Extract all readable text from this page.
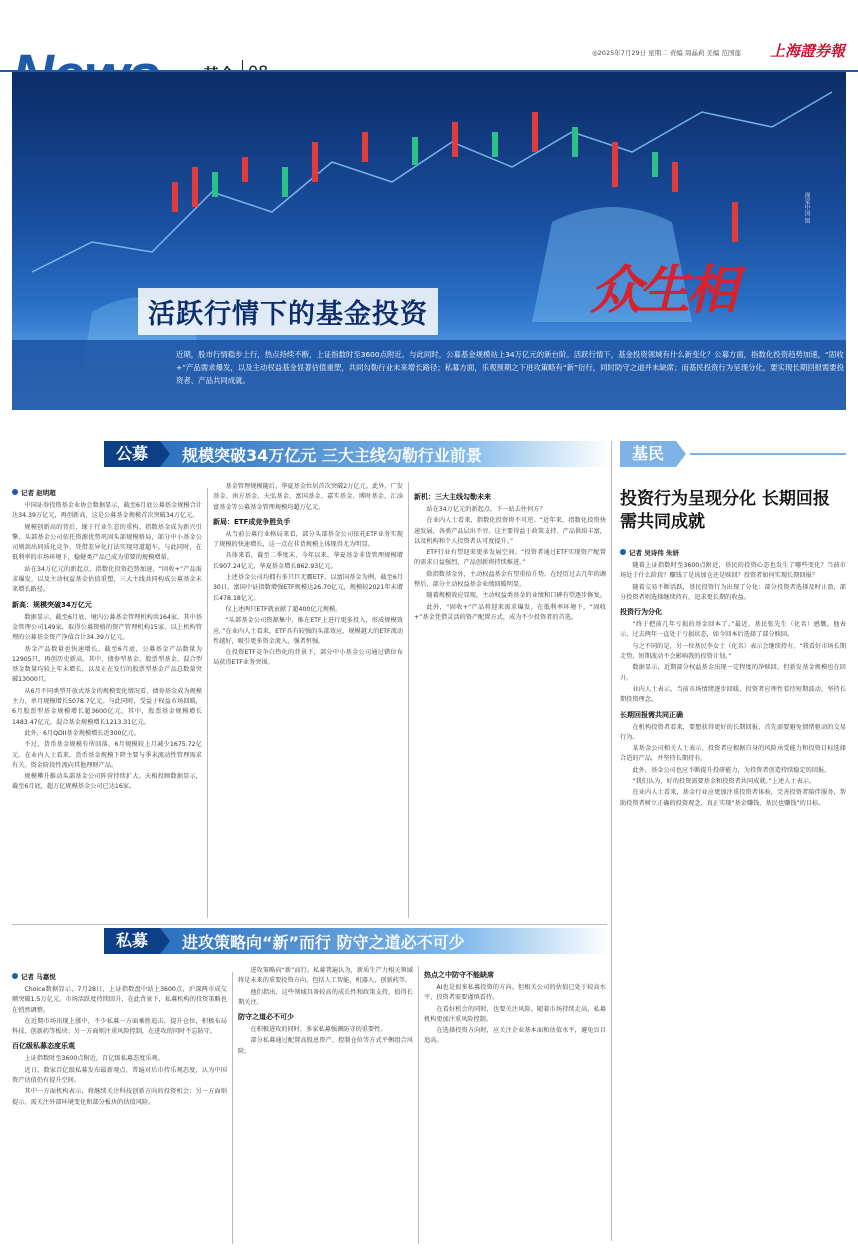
◎2025年7月29日 星期二 责编 周晶莉 美编 范国莲 上海證券報
视觉中国 图
活跃行情下的基金投资	众生相
近期，股市行情稳步上行，热点持续不断，上证指数时至3600点附近。与此同时，公募基金规模站上34万亿元的新台阶。活跃行情下，基金投资领域有什么新变化？公募方面，指数化投资趋势加速，“固收+”产品需求爆发，以及主动权益基金显著估值重塑，共同勾勒行业未来增长路径；私募方面，乐观预期之下进攻策略有“新”衍行，同时防守之道并未缺席；而基民投资行为呈现分化，要实现长期回报需要投资者、产品共同成就。
公募	规模突破34万亿元 三大主线勾勒行业前景
记者 赵明超

中国证券投资基金业协会数据显示，截至6月底公募基金规模合计达34.39万亿元，再创新高，这是公募基金规模首次突破34万亿元。

规模创新高的背后，缘于行业生态的重构。指数基金成为新兴引擎，头部基金公司依托资源优势巩固头部规模格局，部分中小基金公司则剑出同质化竞争，凭借差异化打法实现弯道超车。与此同时，在低利率的市场环境下，稳健类产品已成为重要的规模增量。

站在34万亿元的新起点，指数化投资趋势加速，“固收+”产品需求爆发，以及主动权益基金估值重塑，三大主线共同构成公募基金未来增长路径。

新高：规模突破34万亿元

数据显示，截至6月底，境内公募基金管理机构共164家，其中基金管理公司149家，取得公募资格的资产管理机构15家。以上机构管理的公募基金资产净值合计34.39万亿元。

基金产品数量也快速增长。截至6月底，公募基金产品数量为12905只，再创历史新高。其中，债券型基金、股票型基金、混合型基金数量均较上年末增长，以及正在发行的股票型基金产品总数量突破13000只。

从6月不同类型开放式基金的规模变化情况看，债券基金成为规模主力，单月规模增长5078.7亿元。与此同时，受益于权益市场回暖，6月股票型基金规模增长超3600亿元。其中，股票基金规模增长1483.47亿元，混合基金规模增长1213.31亿元。

此外，6月QDII基金规模增长近300亿元。

不过，货币基金规模有所回落，6月规模较上月减少1675.72亿元。在业内人士看来，货币基金规模下降主要与季末流动性管理需求有关。资金阶段性流向其他理财产品。

规模攀升推动头部基金公司阵营持续扩大。天相投顾数据显示，截至6月底，超万亿规模基金公司已达16家。

基金管理规模随后。华夏基金位居首次突破2万亿元。此外，广发基金、南方基金、天弘基金、富国基金、嘉实基金、博时基金、汇添富基金等公募基金管理规模均超万亿元。

新局：ETF成竞争胜负手

从当前公募行业格局来看，部分头部基金公司依托ETF业务实现了规模的快速增长，这一点在非货规模上体现得尤为明显。

具体来看，截至二季度末，今年以来，华夏基金非货管理规模增长907.24亿元，华夏基金增长862.93亿元。

上述基金公司均拥有多只巨无霸ETF。以富国基金为例，截至6月30日，富国中证指数增强ETF规模达26.70亿元，规模较2021年末增长478.18亿元。

仅上述两只ETF就贡献了超400亿元规模。

“头部基金公司资源集中，推在ETF上进行更多投入，形成规模效应。”在业内人士看来，ETF具有较强的头部效应，规模越大的ETF流动性越好，吸引更多资金流入，强者恒强。

在投资ETF竞争白热化的背景下，部分中小基金公司通过错位布局获得ETF业务突围。

新机：三大主线勾勒未来

站在34万亿元的新起点，下一站去往何方？

在业内人士看来，指数化投资将不可逆。“近年来，指数化投资快速发展，各类产品层出不穷。这主要得益于政策支持、产品供给丰富，以及机构和个人投资者认可度提升。”

ETF行业有望迎来更多发展空间。“投资者通过ETF实现资产配置的需求日益强烈，产品创新将持续推进。”

除指数基金外，主动权益基金有望重拾升势。在经历过去几年的调整后，部分主动权益基金业绩回暖明显。

随着规模效应显现，主动权益类基金的业绩和口碑有望逐步修复。

此外，“固收+”产品将迎来需求爆发。在低利率环境下，“固收+”基金凭借灵活的资产配置方式，成为不少投资者的首选。

私募	进攻策略向“新”而行 防守之道必不可少
记者 马嘉悦

Choice数据显示，7月28日，上证指数盘中站上3600点，沪深两市成交额突破1.5万亿元。市场活跃度持续回升，在此背景下，私募机构的投资策略也在悄然调整。

在近期市场出现上涨中，不少私募一方面乘胜追击，提升仓位，积极布局科技、创新药等板块；另一方面则注重风险控制，在进攻的同时不忘防守。

百亿级私募态度乐观

上证指数时至3600点附近，百亿级私募态度乐观。

近日，数家百亿级私募发布最新观点，普遍对后市持乐观态度，认为中国资产估值仍有提升空间。

其中一方面机构表示，将继续关注科技创新方向的投资机会；另一方面则提示，需关注外部环境变化和部分板块的估值风险。

进攻策略向“新”而行。私募普遍认为，新质生产力相关领域将是未来的重要投资方向，包括人工智能、机器人、创新药等。

他们指出，这些领域具备较高的成长性和政策支持，值得长期关注。

防守之道必不可少

在积极进攻的同时，多家私募强调防守的重要性。

部分私募通过配置高股息资产、控制仓位等方式平衡组合风险。

热点之中防守不能缺席

AI也是很多私募投资的方向。但相关公司的估值已处于较高水平，投资者需要谨慎看待。

在看好机会的同时，也要关注风险。随着市场持续走高，私募机构更加注重风险控制。

在选择投资方向时，应关注企业基本面和估值水平，避免盲目追高。

基民
投资行为呈现分化 长期回报需共同成就
记者 吴诗伟 朱妍

随着上证指数时至3600点附近，基民的投资心态也发生了哪些变化？当前市场处于什么阶段？赚钱了是该加仓还是赎回？投资者如何实现长期回报？

随着交易不断活跃，基民投资行为出现了分化：部分投资者选择及时止盈，部分投资者则选择继续持有，追求更长期的收益。

投资行为分化

“终于把前几年亏损的基金回本了。”最近，基民张先生（化名）感慨。他表示，过去两年一直处于亏损状态，如今回本后选择了部分赎回。

与之不同的是，另一位基民李女士（化名）表示会继续持有。“我看好市场长期走势，短期波动不会影响我的投资计划。”

数据显示，近期部分权益基金出现一定程度的净赎回，但新发基金规模也在回升。

业内人士表示，当前市场情绪逐步回暖，投资者应理性看待短期波动，坚持长期投资理念。

长期回报需共同正确

在机构投资者看来，要想获得更好的长期回报，首先需要避免情绪驱动的交易行为。

某基金公司相关人士表示，投资者应根据自身的风险承受能力和投资目标选择合适的产品，并坚持长期持有。

此外，基金公司也应不断提升投研能力，为投资者创造持续稳定的回报。

“我们认为，好的投资需要基金和投资者共同成就。”上述人士表示。

在业内人士看来，基金行业应更加注重投资者体验，完善投资者陪伴服务，帮助投资者树立正确的投资观念，真正实现“基金赚钱、基民也赚钱”的目标。
